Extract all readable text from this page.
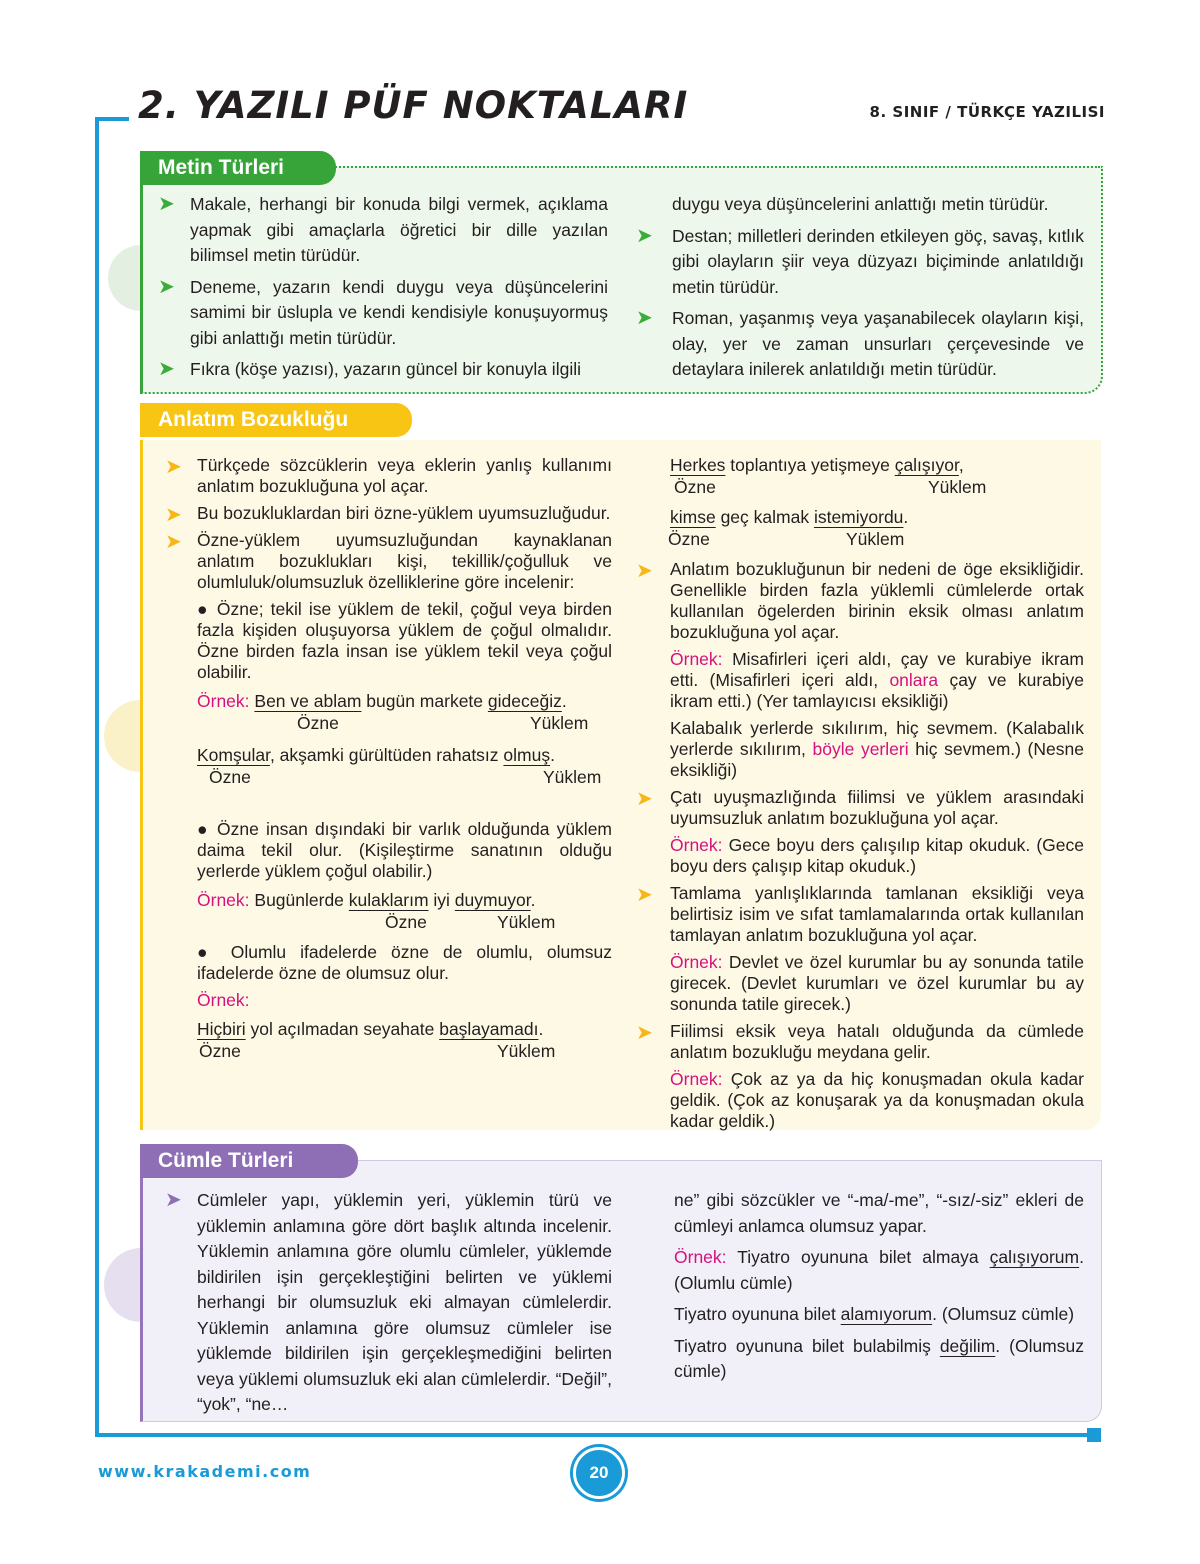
2. YAZILI PÜF NOKTALARI	8. SINIF / TÜRKÇE YAZILISI
Metin Türleri
➤ Makale, herhangi bir konuda bilgi vermek, açıklama yapmak gibi amaçlarla öğretici bir dille yazılan bilimsel metin türüdür.

➤ Deneme, yazarın kendi duygu veya düşüncelerini samimi bir üslupla ve kendi kendisiyle konuşuyormuş gibi anlattığı metin türüdür.

➤ Fıkra (köşe yazısı), yazarın güncel bir konuyla ilgili

duygu veya düşüncelerini anlattığı metin türüdür.

➤ Destan; milletleri derinden etkileyen göç, savaş, kıtlık gibi olayların şiir veya düzyazı biçiminde anlatıldığı metin türüdür.

➤ Roman, yaşanmış veya yaşanabilecek olayların kişi, olay, yer ve zaman unsurları çerçevesinde ve detaylara inilerek anlatıldığı metin türüdür.

Anlatım Bozukluğu
➤ Türkçede sözcüklerin veya eklerin yanlış kullanımı anlatım bozukluğuna yol açar.

➤ Bu bozukluklardan biri özne-yüklem uyumsuzluğudur.

➤ Özne-yüklem uyumsuzluğundan kaynaklanan anlatım bozuklukları kişi, tekillik/çoğulluk ve olumluluk/olumsuzluk özelliklerine göre incelenir:

● Özne; tekil ise yüklem de tekil, çoğul veya birden fazla kişiden oluşuyorsa yüklem de çoğul olmalıdır. Özne birden fazla insan ise yüklem tekil veya çoğul olabilir.

Örnek: Ben ve ablam bugün markete gideceğiz.

Özne	Yüklem

Komşular, akşamki gürültüden rahatsız olmuş.

Özne	Yüklem

● Özne insan dışındaki bir varlık olduğunda yüklem daima tekil olur. (Kişileştirme sanatının olduğu yerlerde yüklem çoğul olabilir.)

Örnek: Bugünlerde kulaklarım iyi duymuyor.

Özne	Yüklem

● Olumlu ifadelerde özne de olumlu, olumsuz ifadelerde özne de olumsuz olur.

Örnek:

Hiçbiri yol açılmadan seyahate başlayamadı.

Özne	Yüklem

Herkes toplantıya yetişmeye çalışıyor,

Özne	Yüklem

kimse geç kalmak istemiyordu.

Özne	Yüklem
➤ Anlatım bozukluğunun bir nedeni de öge eksikliğidir. Genellikle birden fazla yüklemli cümlelerde ortak kullanılan ögelerden birinin eksik olması anlatım bozukluğuna yol açar.

Örnek: Misafirleri içeri aldı, çay ve kurabiye ikram etti. (Misafirleri içeri aldı, onlara çay ve kurabiye ikram etti.) (Yer tamlayıcısı eksikliği)

Kalabalık yerlerde sıkılırım, hiç sevmem. (Kalabalık yerlerde sıkılırım, böyle yerleri hiç sevmem.) (Nesne eksikliği)

➤ Çatı uyuşmazlığında fiilimsi ve yüklem arasındaki uyumsuzluk anlatım bozukluğuna yol açar.

Örnek: Gece boyu ders çalışılıp kitap okuduk. (Gece boyu ders çalışıp kitap okuduk.)

➤ Tamlama yanlışlıklarında tamlanan eksikliği veya belirtisiz isim ve sıfat tamlamalarında ortak kullanılan tamlayan anlatım bozukluğuna yol açar.

Örnek: Devlet ve özel kurumlar bu ay sonunda tatile girecek. (Devlet kurumları ve özel kurumlar bu ay sonunda tatile girecek.)

➤ Fiilimsi eksik veya hatalı olduğunda da cümlede anlatım bozukluğu meydana gelir.

Örnek: Çok az ya da hiç konuşmadan okula kadar geldik. (Çok az konuşarak ya da konuşmadan okula kadar geldik.)

Cümle Türleri
➤ Cümleler yapı, yüklemin yeri, yüklemin türü ve yüklemin anlamına göre dört başlık altında incelenir. Yüklemin anlamına göre olumlu cümleler, yüklemde bildirilen işin gerçekleştiğini belirten ve yüklemi herhangi bir olumsuzluk eki almayan cümlelerdir. Yüklemin anlamına göre olumsuz cümleler ise yüklemde bildirilen işin gerçekleşmediğini belirten veya yüklemi olumsuzluk eki alan cümlelerdir. “Değil”, “yok”, “ne…

ne” gibi sözcükler ve “-ma/-me”, “-sız/-siz” ekleri de cümleyi anlamca olumsuz yapar.

Örnek: Tiyatro oyununa bilet almaya çalışıyorum. (Olumlu cümle)

Tiyatro oyununa bilet alamıyorum. (Olumsuz cümle)

Tiyatro oyununa bilet bulabilmiş değilim. (Olumsuz cümle)

www.krakademi.com	20
